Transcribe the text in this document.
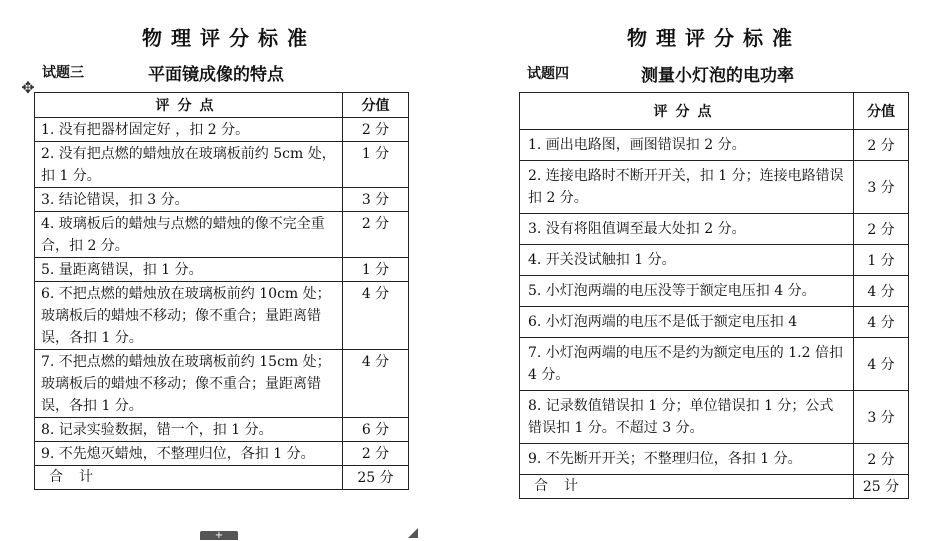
物理评分标准
试题三	平面镜成像的特点
✥
评分点	分值
1. 没有把器材固定好 ，扣 2 分。	2 分
2. 没有把点燃的蜡烛放在玻璃板前约 5cm 处，扣 1 分。	1 分
3. 结论错误，扣 3 分。	3 分
4. 玻璃板后的蜡烛与点燃的蜡烛的像不完全重合，扣 2 分。	2 分
5. 量距离错误，扣 1 分。	1 分
6. 不把点燃的蜡烛放在玻璃板前约 10cm 处；玻璃板后的蜡烛不移动；像不重合；量距离错误，各扣 1 分。	4 分
7. 不把点燃的蜡烛放在玻璃板前约 15cm 处；玻璃板后的蜡烛不移动；像不重合；量距离错误，各扣 1 分。	4 分
8. 记录实验数据，错一个，扣 1 分。	6 分
9. 不先熄灭蜡烛，不整理归位，各扣 1 分。	2 分
合计	25 分
+
物理评分标准
试题四	测量小灯泡的电功率
评分点	分值
1. 画出电路图，画图错误扣 2 分。	2 分
2. 连接电路时不断开开关，扣 1 分；连接电路错误扣 2 分。	3 分
3. 没有将阻值调至最大处扣 2 分。	2 分
4. 开关没试触扣 1 分。	1 分
5. 小灯泡两端的电压没等于额定电压扣 4 分。	4 分
6. 小灯泡两端的电压不是低于额定电压扣 4	4 分
7. 小灯泡两端的电压不是约为额定电压的 1.2 倍扣 4 分。	4 分
8. 记录数值错误扣 1 分；单位错误扣 1 分；公式错误扣 1 分。不超过 3 分。	3 分
9. 不先断开开关；不整理归位，各扣 1 分。	2 分
合计	25 分
